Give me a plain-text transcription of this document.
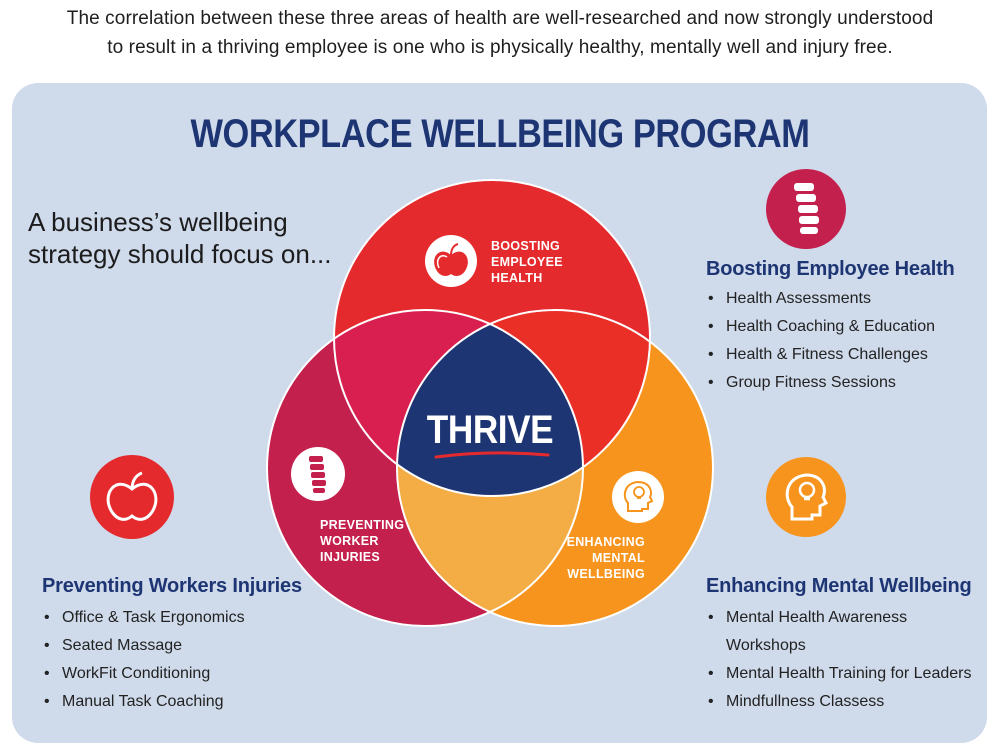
The correlation between these three areas of health are well-researched and now strongly understood
to result in a thriving employee is one who is physically healthy, mentally well and injury free.
WORKPLACE WELLBEING PROGRAM
A business’s wellbeing
strategy should focus on...
THRIVE
BOOSTING
EMPLOYEE
HEALTH
PREVENTING
WORKER
INJURIES
ENHANCING
MENTAL
WELLBEING
Boosting Employee Health
• Health Assessments
• Health Coaching & Education
• Health & Fitness Challenges
• Group Fitness Sessions
Preventing Workers Injuries
• Office & Task Ergonomics
• Seated Massage
• WorkFit Conditioning
• Manual Task Coaching
Enhancing Mental Wellbeing
• Mental Health Awareness
Workshops
• Mental Health Training for Leaders
• Mindfullness Classess
